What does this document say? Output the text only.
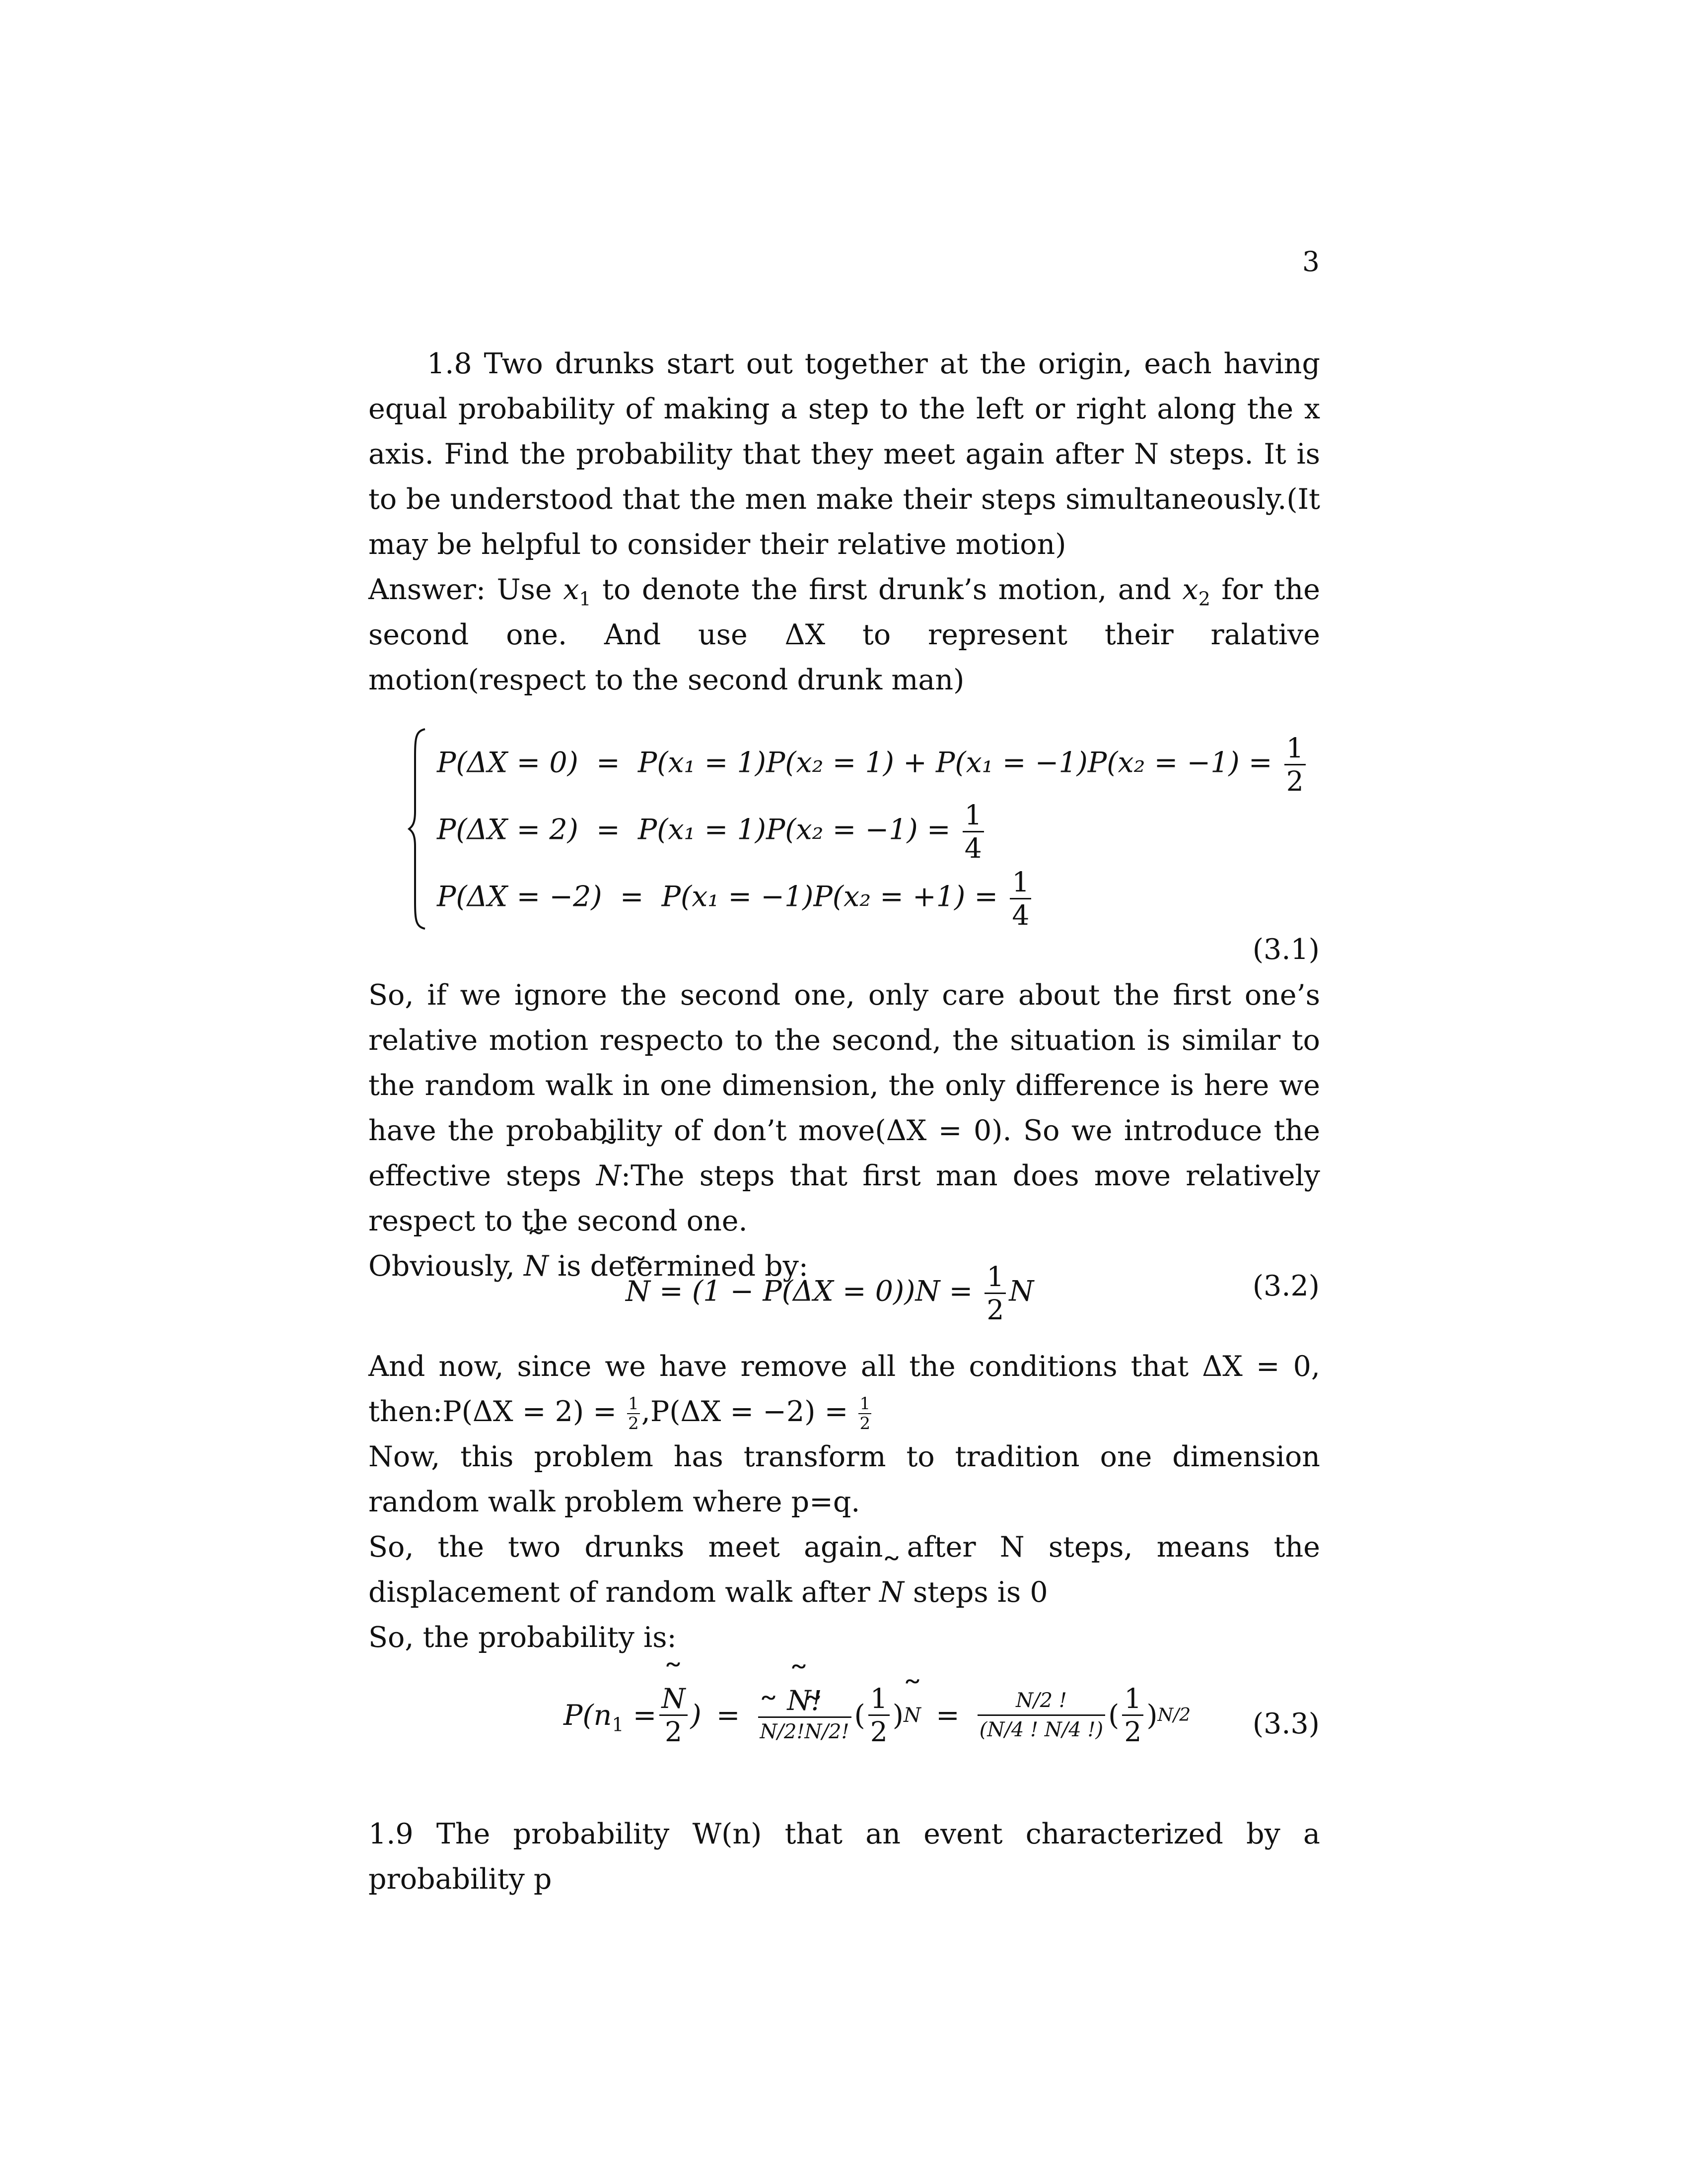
3
1.8 Two drunks start out together at the origin, each having equal probability of making a step to the left or right along the x axis. Find the probability that they meet again after N steps. It is to be understood that the men make their steps simultaneously.(It may be helpful to consider their relative motion)
Answer: Use $x_1$ to denote the first drunk’s motion, and $x_2$ for the second one. And use ΔX to represent their ralative motion(respect to the second drunk man)
$P(\Delta X = 0) = P(x_1 = 1)P(x_2 = 1) + P(x_1 = -1)P(x_2 = -1) = \frac{1}{2}$
$P(\Delta X = 2) = P(x_1 = 1)P(x_2 = -1) = \frac{1}{4}$
$P(\Delta X = -2) = P(x_1 = -1)P(x_2 = +1) = \frac{1}{4}$
(3.1)
So, if we ignore the second one, only care about the first one’s relative motion respecto to the second, the situation is similar to the random walk in one dimension, the only difference is here we have the probability of don’t move(ΔX = 0). So we introduce the effective steps ˜ N:The steps that first man does move relatively respect to the second one.
Obviously, ˜ N is determined by:
˜ $N = (1 - P(\Delta X = 0))N = \frac{1}{2}$ N	(3.2)
And now, since we have remove all the conditions that ΔX = 0, then:P(ΔX = $2) = \frac{1}{2} ,P(\Delta X = -2) = \frac{1}{2}$

Now, this problem has transform to tradition one dimension random walk problem where p=q.
So, the two drunks meet again after N steps, means the displacement of random walk after ˜ N steps is 0
So, the probability is:
$P(n_1$ = ˜ $\frac{N}{2}$ ) = ˜ N!
˜ N/2!˜ N/2! ( $\frac{1}{2}$ ) $N = \frac{N/2 !}{(N/4 ! N/4 !)}$ ( $\frac{1}{2}$ ) N/2 (3.3)
1.9 The probability W(n) that an event characterized by a probability p
